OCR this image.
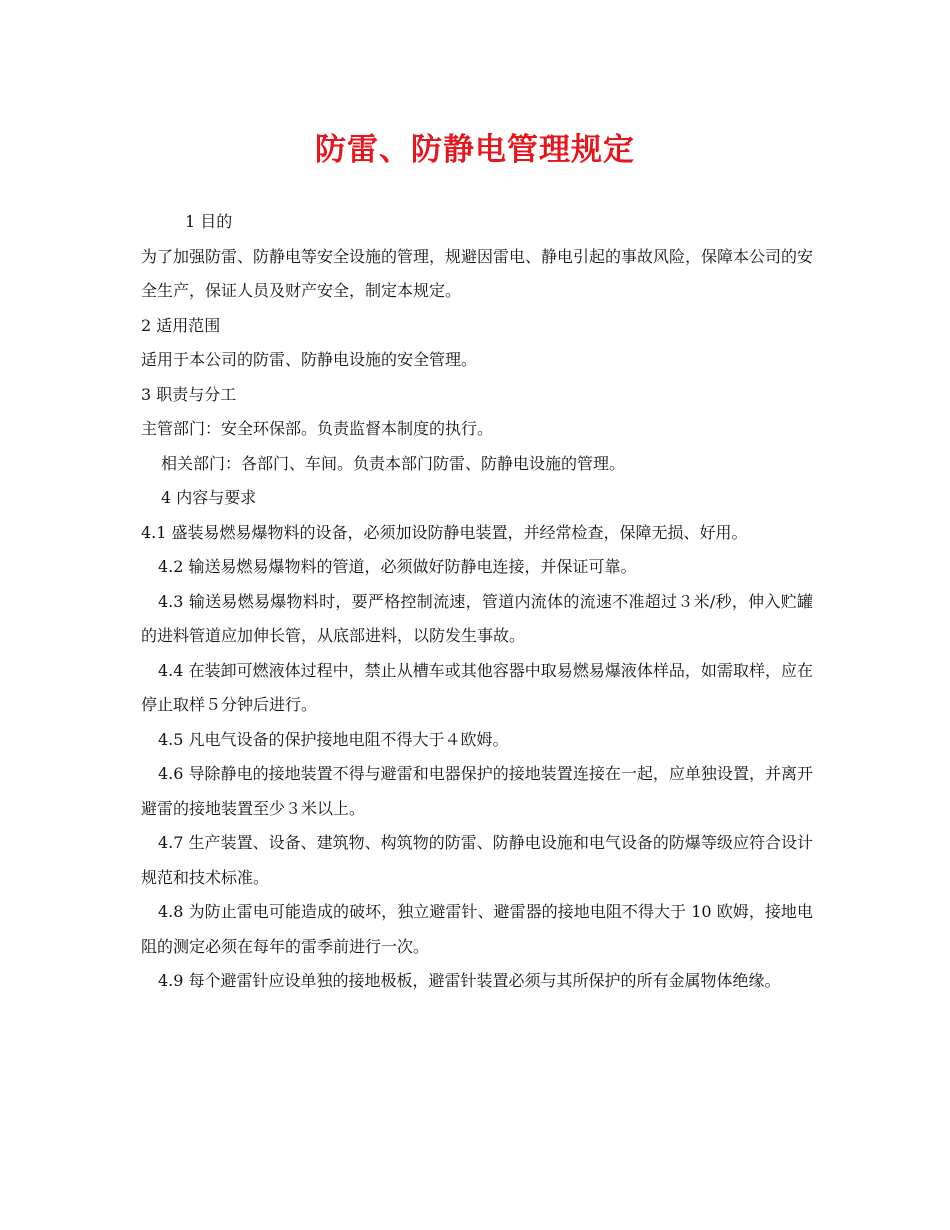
防雷、防静电管理规定

1 目的

为了加强防雷、防静电等安全设施的管理，规避因雷电、静电引起的事故风险，保障本公司的安全生产，保证人员及财产安全，制定本规定。

2 适用范围

适用于本公司的防雷、防静电设施的安全管理。

3 职责与分工

主管部门：安全环保部。负责监督本制度的执行。

相关部门：各部门、车间。负责本部门防雷、防静电设施的管理。

4 内容与要求

4.1 盛装易燃易爆物料的设备，必须加设防静电装置，并经常检查，保障无损、好用。

4.2 输送易燃易爆物料的管道，必须做好防静电连接，并保证可靠。

4.3 输送易燃易爆物料时，要严格控制流速，管道内流体的流速不准超过３米/秒，伸入贮罐的进料管道应加伸长管，从底部进料，以防发生事故。

4.4 在装卸可燃液体过程中，禁止从槽车或其他容器中取易燃易爆液体样品，如需取样，应在停止取样５分钟后进行。

4.5 凡电气设备的保护接地电阻不得大于４欧姆。

4.6 导除静电的接地装置不得与避雷和电器保护的接地装置连接在一起，应单独设置，并离开避雷的接地装置至少３米以上。

4.7 生产装置、设备、建筑物、构筑物的防雷、防静电设施和电气设备的防爆等级应符合设计规范和技术标准。

4.8 为防止雷电可能造成的破坏，独立避雷针、避雷器的接地电阻不得大于 10 欧姆，接地电阻的测定必须在每年的雷季前进行一次。

4.9 每个避雷针应设单独的接地极板，避雷针装置必须与其所保护的所有金属物体绝缘。
